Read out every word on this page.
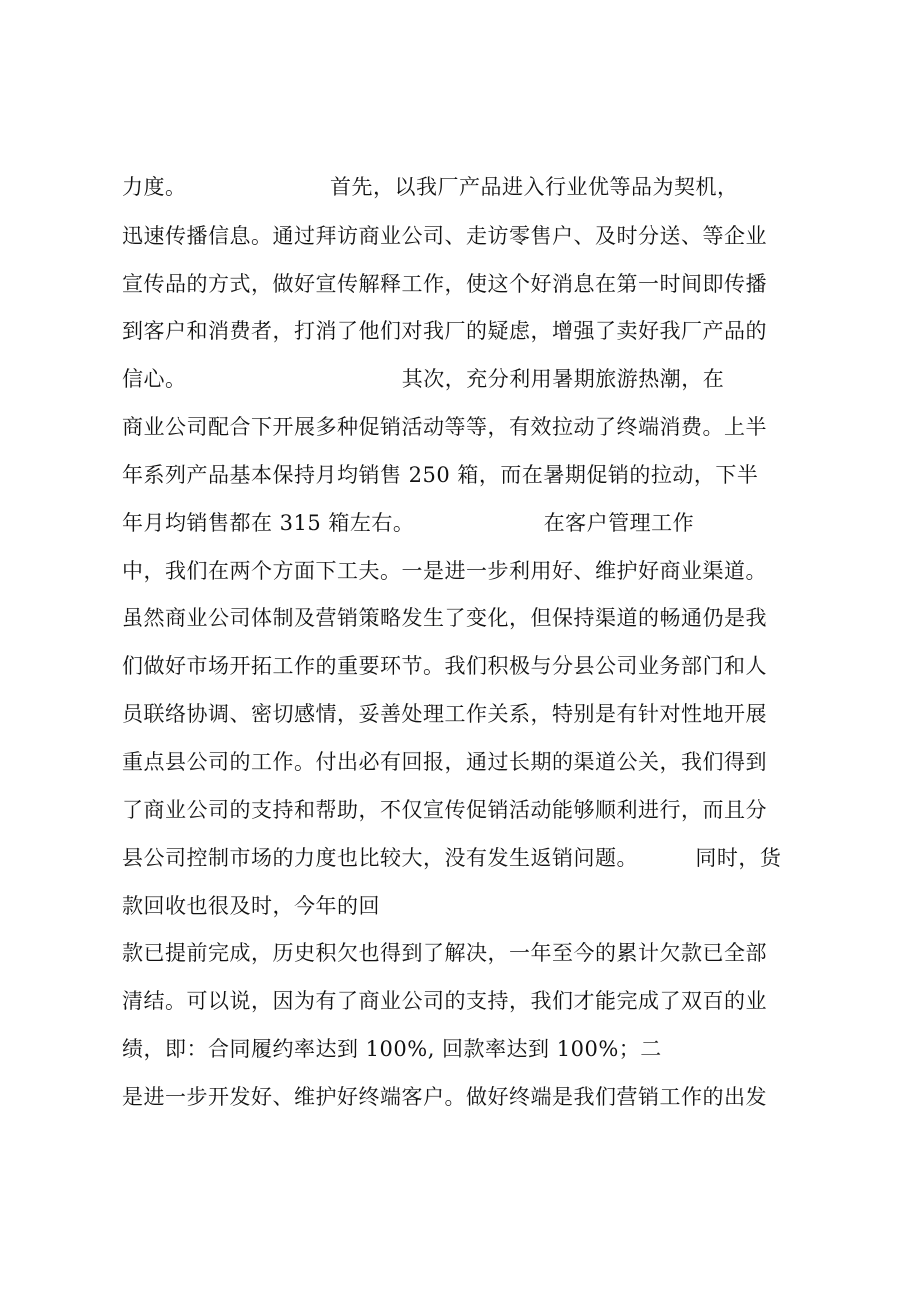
力度。                    首先，以我厂产品进入行业优等品为契机，
迅速传播信息。通过拜访商业公司、走访零售户、及时分送、等企业
宣传品的方式，做好宣传解释工作，使这个好消息在第一时间即传播
到客户和消费者，打消了他们对我厂的疑虑，增强了卖好我厂产品的
信心。                              其次，充分利用暑期旅游热潮，在
商业公司配合下开展多种促销活动等等，有效拉动了终端消费。上半
年系列产品基本保持月均销售 250 箱，而在暑期促销的拉动，下半
年月均销售都在 315 箱左右。                  在客户管理工作
中，我们在两个方面下工夫。一是进一步利用好、维护好商业渠道。
虽然商业公司体制及营销策略发生了变化，但保持渠道的畅通仍是我
们做好市场开拓工作的重要环节。我们积极与分县公司业务部门和人
员联络协调、密切感情，妥善处理工作关系，特别是有针对性地开展
重点县公司的工作。付出必有回报，通过长期的渠道公关，我们得到
了商业公司的支持和帮助，不仅宣传促销活动能够顺利进行，而且分
县公司控制市场的力度也比较大，没有发生返销问题。        同时，货
款回收也很及时，今年的回
款已提前完成，历史积欠也得到了解决，一年至今的累计欠款已全部
清结。可以说，因为有了商业公司的支持，我们才能完成了双百的业
绩，即：合同履约率达到 100%, 回款率达到 100%；二
是进一步开发好、维护好终端客户。做好终端是我们营销工作的出发
